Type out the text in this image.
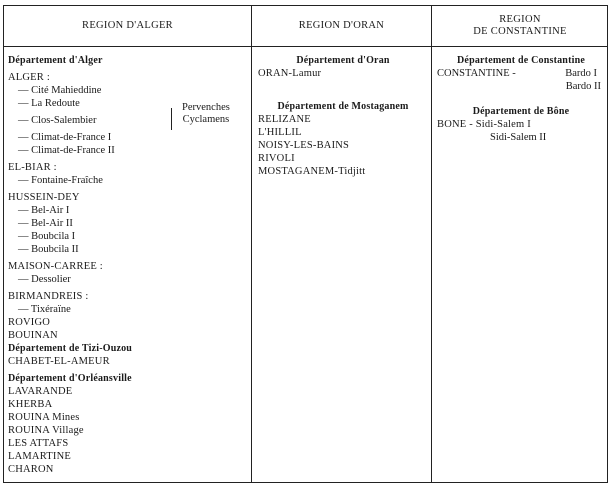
REGION D'ALGER	REGION D'ORAN
REGION
DE CONSTANTINE
Département d'Alger
ALGER :
— Cité Mahieddine
— La Redoute
— Clos-Salembier
— Climat-de-France I
— Climat-de-France II
EL-BIAR :
— Fontaine-Fraîche
HUSSEIN-DEY
— Bel-Air I
— Bel-Air II
— Boubcila I
— Boubcila II
MAISON-CARREE :
— Dessolier
BIRMANDREIS :
— Tixéraïne
ROVIGO
BOUINAN
Département de Tizi-Ouzou
CHABET-EL-AMEUR
Département d'Orléansville
LAVARANDE
KHERBA
ROUINA Mines
ROUINA Village
LES ATTAFS
LAMARTINE
CHARON
Pervenches
Cyclamens
Département d'Oran
ORAN-Lamur
Département de Mostaganem
RELIZANE
L'HILLIL
NOISY-LES-BAINS
RIVOLI
MOSTAGANEM-Tidjitt
Département de Constantine
CONSTANTINE -	Bardo I
Bardo II
Département de Bône
BONE - Sidi-Salem I
Sidi-Salem II
